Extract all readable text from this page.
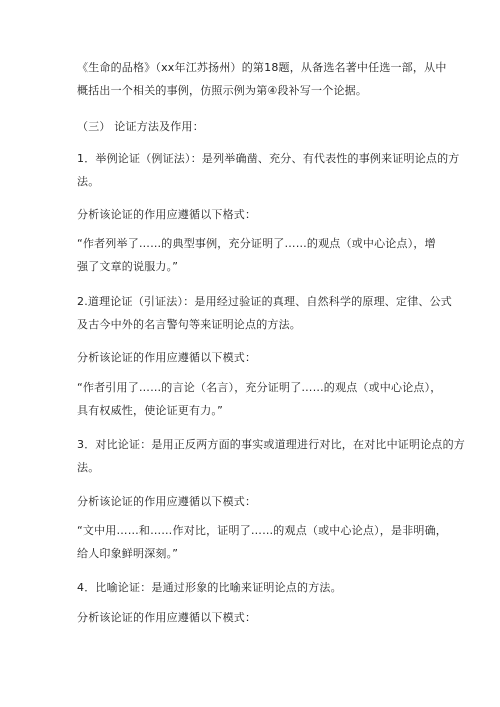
《生命的品格》（xx年江苏扬州）的第18题，从备选名著中任选一部，从中
概括出一个相关的事例，仿照示例为第④段补写一个论据。
（三） 论证方法及作用：
1．举例论证（例证法）：是列举确凿、充分、有代表性的事例来证明论点的方
法。
分析该论证的作用应遵循以下格式：
“作者列举了……的典型事例，充分证明了……的观点（或中心论点），增
强了文章的说服力。”
2.道理论证（引证法）：是用经过验证的真理、自然科学的原理、定律、公式
及古今中外的名言警句等来证明论点的方法。
分析该论证的作用应遵循以下模式：
“作者引用了……的言论（名言），充分证明了……的观点（或中心论点），
具有权威性，使论证更有力。”
3．对比论证：是用正反两方面的事实或道理进行对比，在对比中证明论点的方
法。
分析该论证的作用应遵循以下模式：
“文中用……和……作对比，证明了……的观点（或中心论点），是非明确，
给人印象鲜明深刻。”
4．比喻论证：是通过形象的比喻来证明论点的方法。
分析该论证的作用应遵循以下模式：
